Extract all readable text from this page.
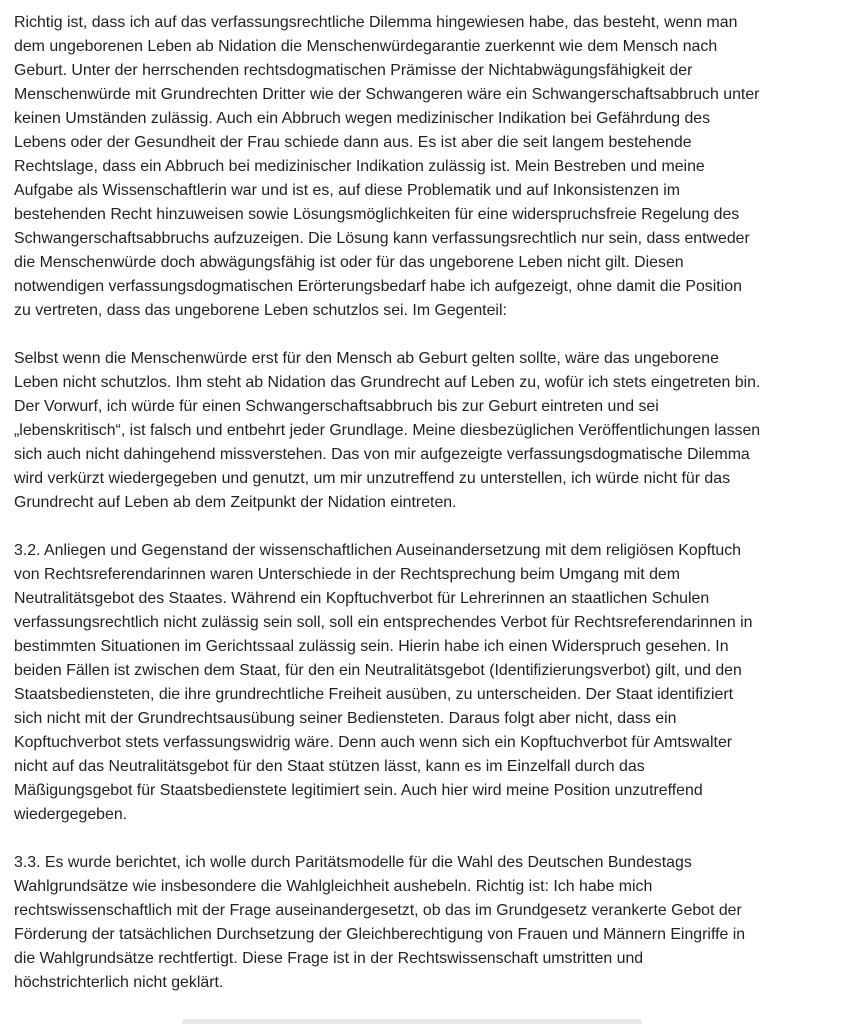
Richtig ist, dass ich auf das verfassungsrechtliche Dilemma hingewiesen habe, das besteht, wenn man
dem ungeborenen Leben ab Nidation die Menschenwürdegarantie zuerkennt wie dem Mensch nach
Geburt. Unter der herrschenden rechtsdogmatischen Prämisse der Nichtabwägungsfähigkeit der
Menschenwürde mit Grundrechten Dritter wie der Schwangeren wäre ein Schwangerschaftsabbruch unter
keinen Umständen zulässig. Auch ein Abbruch wegen medizinischer Indikation bei Gefährdung des
Lebens oder der Gesundheit der Frau schiede dann aus. Es ist aber die seit langem bestehende
Rechtslage, dass ein Abbruch bei medizinischer Indikation zulässig ist. Mein Bestreben und meine
Aufgabe als Wissenschaftlerin war und ist es, auf diese Problematik und auf Inkonsistenzen im
bestehenden Recht hinzuweisen sowie Lösungsmöglichkeiten für eine widerspruchsfreie Regelung des
Schwangerschaftsabbruchs aufzuzeigen. Die Lösung kann verfassungsrechtlich nur sein, dass entweder
die Menschenwürde doch abwägungsfähig ist oder für das ungeborene Leben nicht gilt. Diesen
notwendigen verfassungsdogmatischen Erörterungsbedarf habe ich aufgezeigt, ohne damit die Position
zu vertreten, dass das ungeborene Leben schutzlos sei. Im Gegenteil:

Selbst wenn die Menschenwürde erst für den Mensch ab Geburt gelten sollte, wäre das ungeborene
Leben nicht schutzlos. Ihm steht ab Nidation das Grundrecht auf Leben zu, wofür ich stets eingetreten bin.
Der Vorwurf, ich würde für einen Schwangerschaftsabbruch bis zur Geburt eintreten und sei
„lebenskritisch“, ist falsch und entbehrt jeder Grundlage. Meine diesbezüglichen Veröffentlichungen lassen
sich auch nicht dahingehend missverstehen. Das von mir aufgezeigte verfassungsdogmatische Dilemma
wird verkürzt wiedergegeben und genutzt, um mir unzutreffend zu unterstellen, ich würde nicht für das
Grundrecht auf Leben ab dem Zeitpunkt der Nidation eintreten.

3.2. Anliegen und Gegenstand der wissenschaftlichen Auseinandersetzung mit dem religiösen Kopftuch
von Rechtsreferendarinnen waren Unterschiede in der Rechtsprechung beim Umgang mit dem
Neutralitätsgebot des Staates. Während ein Kopftuchverbot für Lehrerinnen an staatlichen Schulen
verfassungsrechtlich nicht zulässig sein soll, soll ein entsprechendes Verbot für Rechtsreferendarinnen in
bestimmten Situationen im Gerichtssaal zulässig sein. Hierin habe ich einen Widerspruch gesehen. In
beiden Fällen ist zwischen dem Staat, für den ein Neutralitätsgebot (Identifizierungsverbot) gilt, und den
Staatsbediensteten, die ihre grundrechtliche Freiheit ausüben, zu unterscheiden. Der Staat identifiziert
sich nicht mit der Grundrechtsausübung seiner Bediensteten. Daraus folgt aber nicht, dass ein
Kopftuchverbot stets verfassungswidrig wäre. Denn auch wenn sich ein Kopftuchverbot für Amtswalter
nicht auf das Neutralitätsgebot für den Staat stützen lässt, kann es im Einzelfall durch das
Mäßigungsgebot für Staatsbedienstete legitimiert sein. Auch hier wird meine Position unzutreffend
wiedergegeben.

3.3. Es wurde berichtet, ich wolle durch Paritätsmodelle für die Wahl des Deutschen Bundestags
Wahlgrundsätze wie insbesondere die Wahlgleichheit aushebeln. Richtig ist: Ich habe mich
rechtswissenschaftlich mit der Frage auseinandergesetzt, ob das im Grundgesetz verankerte Gebot der
Förderung der tatsächlichen Durchsetzung der Gleichberechtigung von Frauen und Männern Eingriffe in
die Wahlgrundsätze rechtfertigt. Diese Frage ist in der Rechtswissenschaft umstritten und
höchstrichterlich nicht geklärt.
